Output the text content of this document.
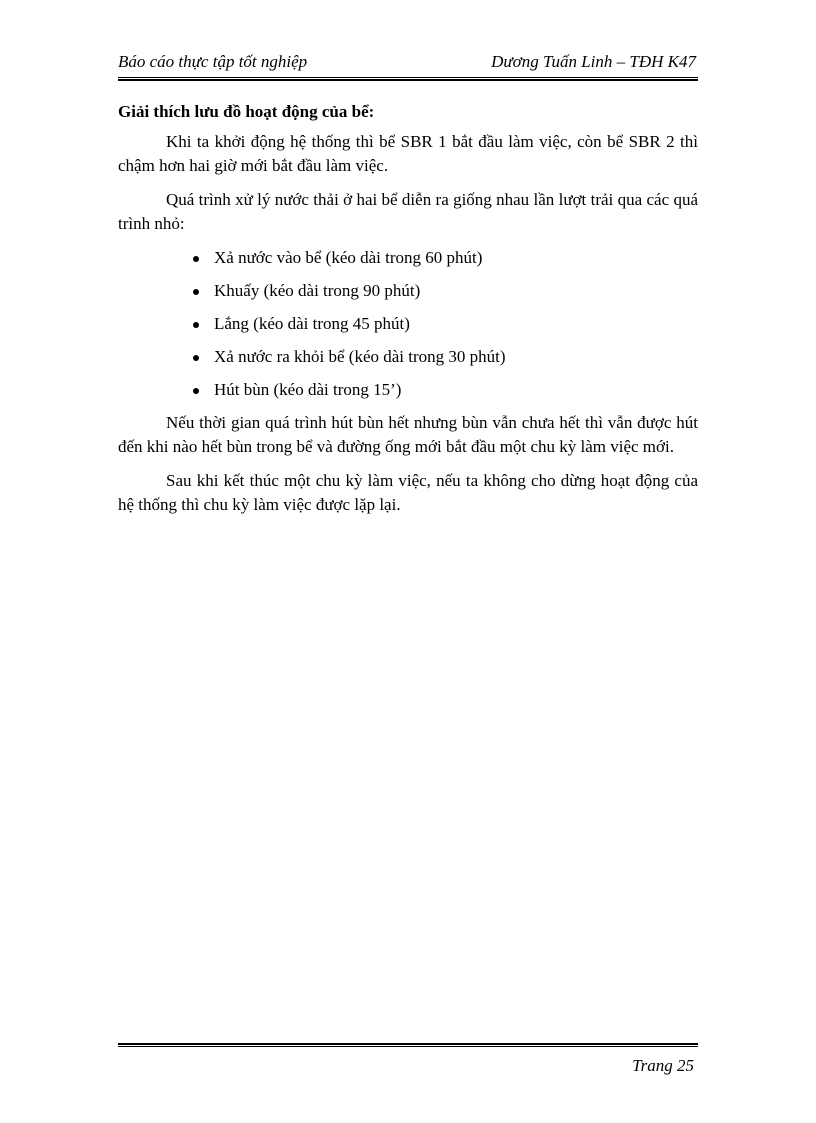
Báo cáo thực tập tốt nghiệp	Dương Tuấn Linh – TĐH K47

Giải thích lưu đồ hoạt động của bể:

Khi ta khởi động hệ thống thì bể SBR 1 bắt đầu làm việc, còn bể SBR 2 thì chậm hơn hai giờ mới bắt đầu làm việc.

Quá trình xử lý nước thải ở hai bể diễn ra giống nhau lần lượt trải qua các quá trình nhỏ:

Xả nước vào bể (kéo dài trong 60 phút)
Khuấy (kéo dài trong 90 phút)
Lắng (kéo dài trong 45 phút)
Xả nước ra khỏi bể (kéo dài trong 30 phút)
Hút bùn (kéo dài trong 15’)

Nếu thời gian quá trình hút bùn hết nhưng bùn vẫn chưa hết thì vẫn được hút đến khi nào hết bùn trong bể và đường ống mới bắt đầu một chu kỳ làm việc mới.

Sau khi kết thúc một chu kỳ làm việc, nếu ta không cho dừng hoạt động của hệ thống thì chu kỳ làm việc được lặp lại.

Trang 25
